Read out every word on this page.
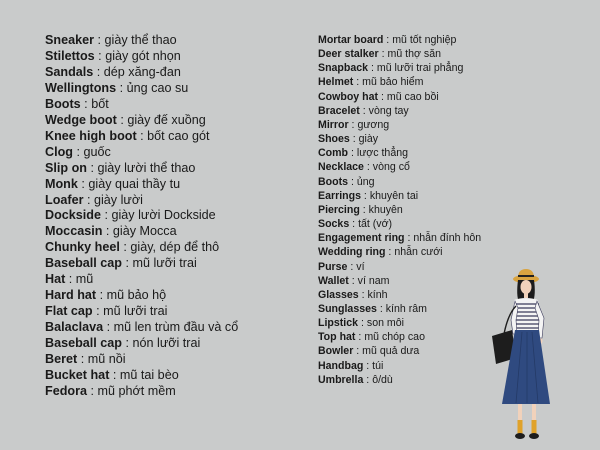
Sneaker : giày thể thao
Stilettos : giày gót nhọn
Sandals : dép xăng-đan
Wellingtons : ủng cao su
Boots : bốt
Wedge boot : giày đế xuồng
Knee high boot : bốt cao gót
Clog : guốc
Slip on : giày lười thể thao
Monk : giày quai thầy tu
Loafer : giày lười
Dockside : giày lười Dockside
Moccasin : giày Mocca
Chunky heel : giày, dép để thô
Baseball cap : mũ lưỡi trai
Hat : mũ
Hard hat : mũ bảo hộ
Flat cap : mũ lưỡi trai
Balaclava : mũ len trùm đầu và cổ
Baseball cap : nón lưỡi trai
Beret : mũ nồi
Bucket hat : mũ tai bèo
Fedora : mũ phớt mềm
Mortar board : mũ tốt nghiệp
Deer stalker : mũ thợ săn
Snapback : mũ lưỡi trai phẳng
Helmet : mũ bảo hiểm
Cowboy hat : mũ cao bồi
Bracelet : vòng tay
Mirror : gương
Shoes : giày
Comb : lược thẳng
Necklace : vòng cổ
Boots : ủng
Earrings : khuyên tai
Piercing : khuyên
Socks : tất (vớ)
Engagement ring : nhẫn đính hôn
Wedding ring : nhẫn cưới
Purse : ví
Wallet : ví nam
Glasses : kính
Sunglasses : kính râm
Lipstick : son môi
Top hat : mũ chóp cao
Bowler : mũ quả dưa
Handbag : túi
Umbrella : ô/dù
